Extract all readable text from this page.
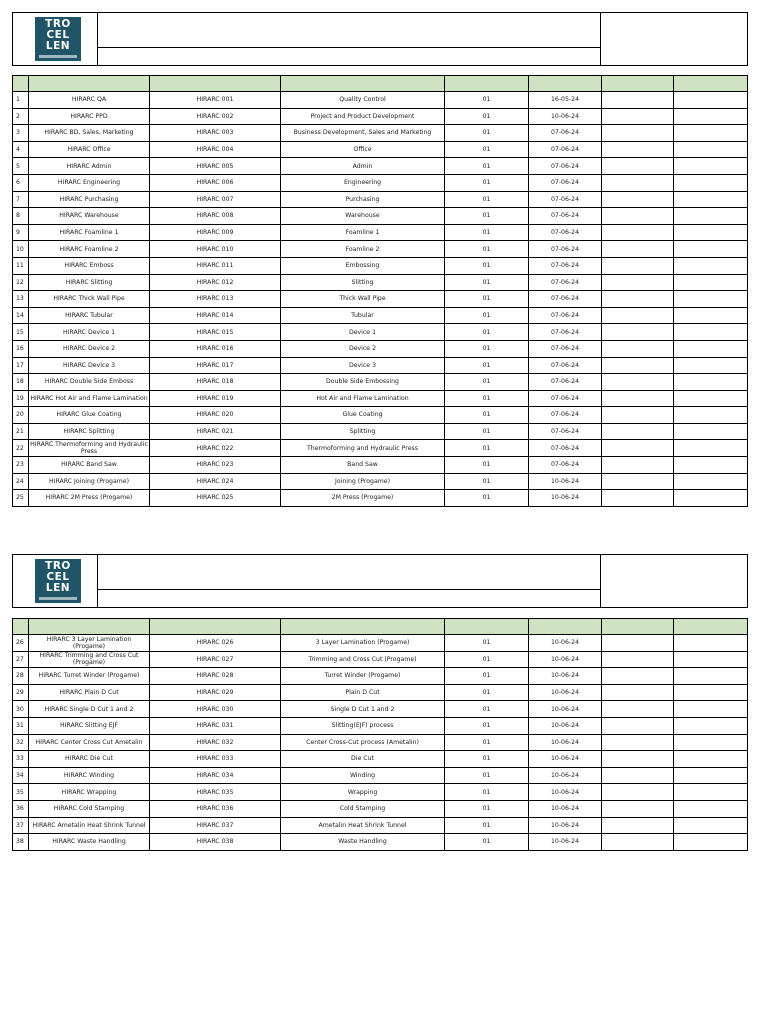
TRO
CEL
LEN

1	HIRARC QA	HIRARC 001	Quality Control	01	16-05-24		
2	HIRARC PPD	HIRARC 002	Project and Product Development	01	10-06-24		
3	HIRARC BD, Sales, Marketing	HIRARC 003	Business Development, Sales and Marketing	01	07-06-24		
4	HIRARC Office	HIRARC 004	Office	01	07-06-24		
5	HIRARC Admin	HIRARC 005	Admin	01	07-06-24		
6	HIRARC Engineering	HIRARC 006	Engineering	01	07-06-24		
7	HIRARC Purchasing	HIRARC 007	Purchasing	01	07-06-24		
8	HIRARC Warehouse	HIRARC 008	Warehouse	01	07-06-24		
9	HIRARC Foamline 1	HIRARC 009	Foamline 1	01	07-06-24		
10	HIRARC Foamline 2	HIRARC 010	Foamline 2	01	07-06-24		
11	HIRARC Emboss	HIRARC 011	Embossing	01	07-06-24		
12	HIRARC Slitting	HIRARC 012	Slitting	01	07-06-24		
13	HIRARC Thick Wall Pipe	HIRARC 013	Thick Wall Pipe	01	07-06-24		
14	HIRARC Tubular	HIRARC 014	Tubular	01	07-06-24		
15	HIRARC Device 1	HIRARC 015	Device 1	01	07-06-24		
16	HIRARC Device 2	HIRARC 016	Device 2	01	07-06-24		
17	HIRARC Device 3	HIRARC 017	Device 3	01	07-06-24		
18	HIRARC Double Side Emboss	HIRARC 018	Double Side Embossing	01	07-06-24		
19	HIRARC Hot Air and Flame Lamination	HIRARC 019	Hot Air and Flame Lamination	01	07-06-24		
20	HIRARC Glue Coating	HIRARC 020	Glue Coating	01	07-06-24		
21	HIRARC Splitting	HIRARC 021	Splitting	01	07-06-24		
22	HIRARC Thermoforming and Hydraulic Press	HIRARC 022	Thermoforming and Hydraulic Press	01	07-06-24		
23	HIRARC Band Saw	HIRARC 023	Band Saw	01	07-06-24		
24	HIRARC Joining (Progame)	HIRARC 024	Joining (Progame)	01	10-06-24		
25	HIRARC 2M Press (Progame)	HIRARC 025	2M Press (Progame)	01	10-06-24		
TRO
CEL
LEN

26	HIRARC 3 Layer Lamination (Progame)	HIRARC 026	3 Layer Lamination (Progame)	01	10-06-24		
27	HIRARC Trimming and Cross Cut (Progame)	HIRARC 027	Trimming and Cross Cut (Progame)	01	10-06-24		
28	HIRARC Turret Winder (Progame)	HIRARC 028	Turret Winder (Progame)	01	10-06-24		
29	HIRARC Plain D Cut	HIRARC 029	Plain D Cut	01	10-06-24		
30	HIRARC Single D Cut 1 and 2	HIRARC 030	Single D Cut 1 and 2	01	10-06-24		
31	HIRARC Slitting EJF	HIRARC 031	Slitting(EJF) process	01	10-06-24		
32	HIRARC Center Cross Cut Ametalin	HIRARC 032	Center Cross-Cut process (Ametalin)	01	10-06-24		
33	HIRARC Die Cut	HIRARC 033	Die Cut	01	10-06-24		
34	HIRARC Winding	HIRARC 034	Winding	01	10-06-24		
35	HIRARC Wrapping	HIRARC 035	Wrapping	01	10-06-24		
36	HIRARC Cold Stamping	HIRARC 036	Cold Stamping	01	10-06-24		
37	HIRARC Ametalin Heat Shrink Tunnel	HIRARC 037	Ametalin Heat Shrink Tunnel	01	10-06-24		
38	HIRARC Waste Handling	HIRARC 038	Waste Handling	01	10-06-24		
